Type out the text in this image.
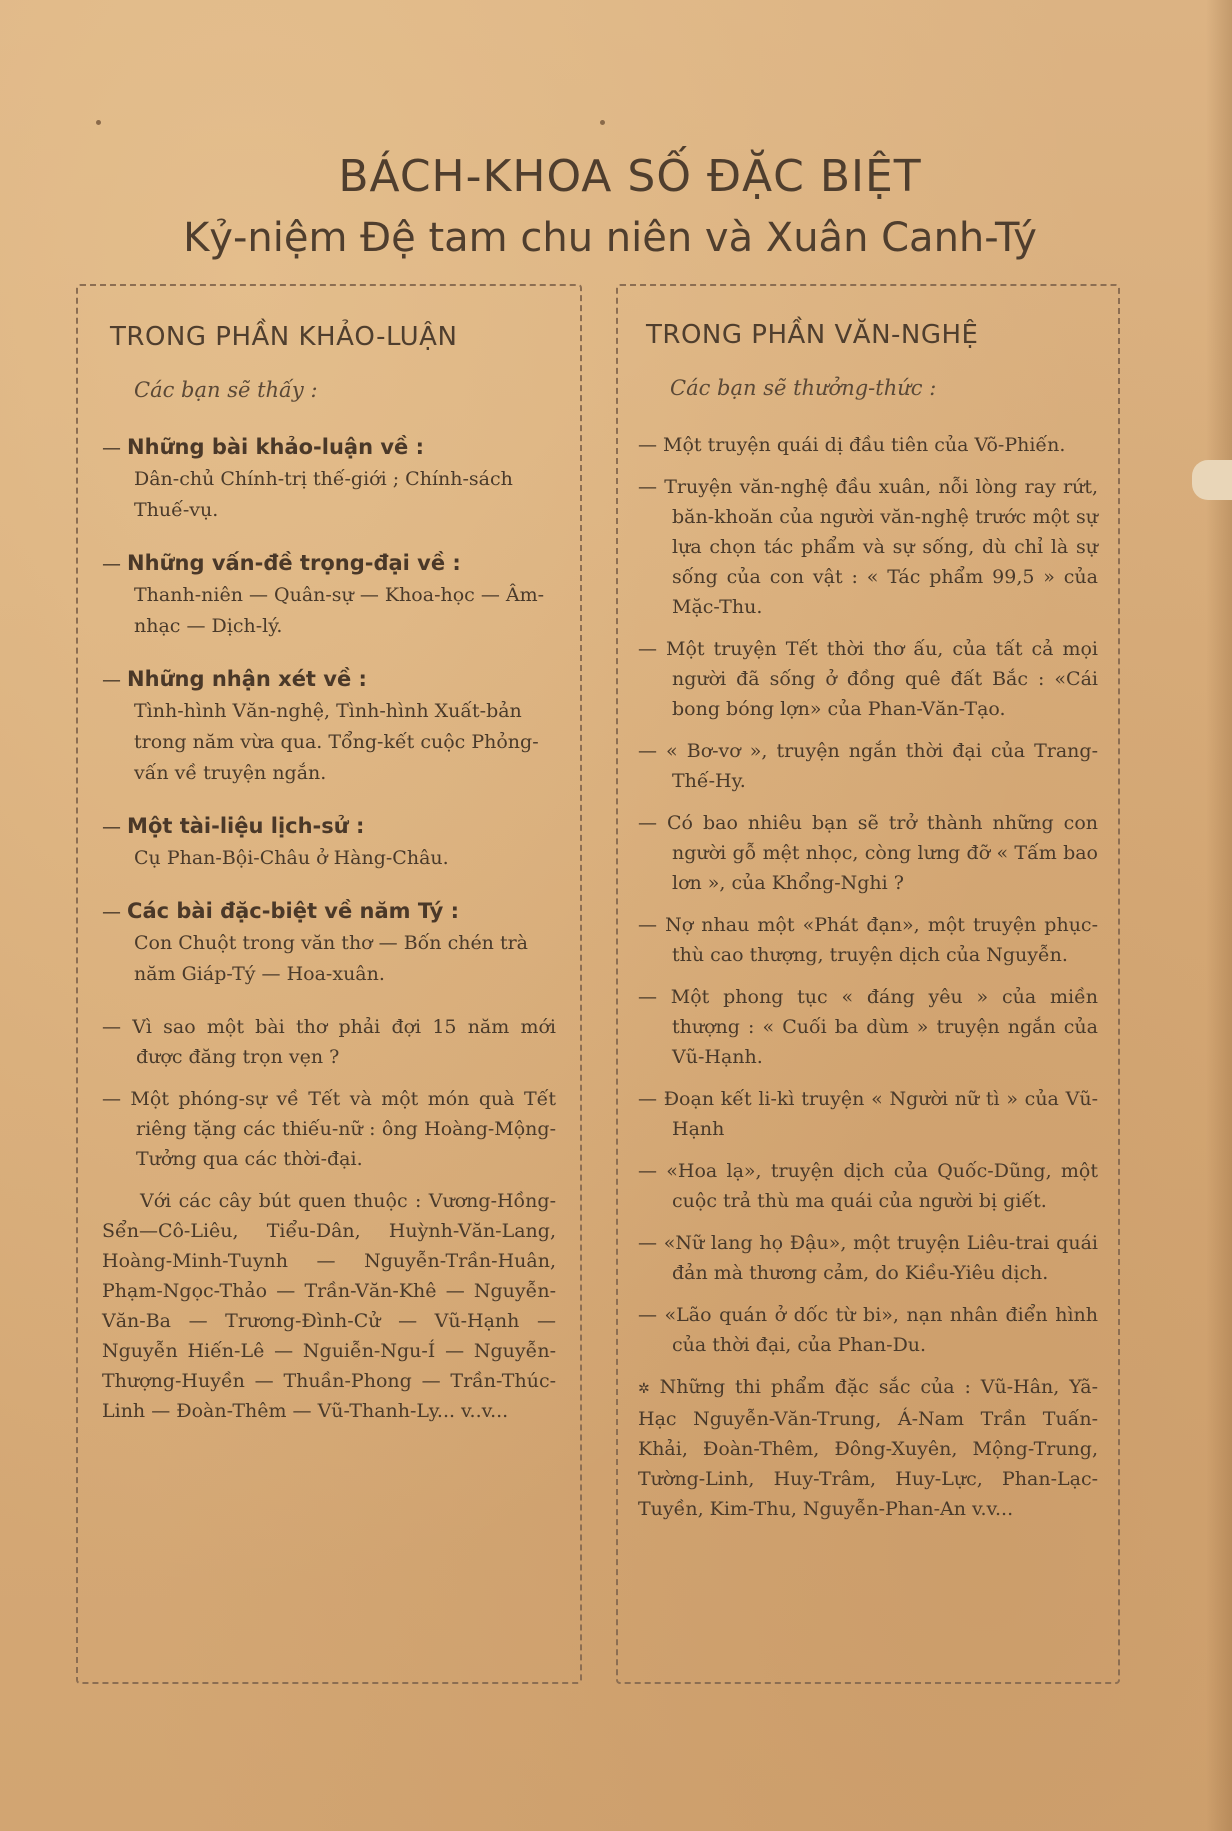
BÁCH-KHOA SỐ ĐẶC BIỆT
Kỷ-niệm Đệ tam chu niên và Xuân Canh-Tý
TRONG PHẦN KHẢO-LUẬN
Các bạn sẽ thấy :
— Những bài khảo-luận về :
Dân-chủ Chính-trị thế-giới ; Chính-sách Thuế-vụ.
— Những vấn-đề trọng-đại về :
Thanh-niên — Quân-sự — Khoa-học — Âm-nhạc — Dịch-lý.
— Những nhận xét về :
Tình-hình Văn-nghệ, Tình-hình Xuất-bản trong năm vừa qua. Tổng-kết cuộc Phỏng-vấn về truyện ngắn.
— Một tài-liệu lịch-sử :
Cụ Phan-Bội-Châu ở Hàng-Châu.
— Các bài đặc-biệt về năm Tý :
Con Chuột trong văn thơ — Bốn chén trà năm Giáp-Tý — Hoa-xuân.
— Vì sao một bài thơ phải đợi 15 năm mới được đăng trọn vẹn ?
— Một phóng-sự về Tết và một món quà Tết riêng tặng các thiếu-nữ : ông Hoàng-Mộng-Tưởng qua các thời-đại.
Với các cây bút quen thuộc : Vương-Hồng-Sển—Cô-Liêu, Tiểu-Dân, Huỳnh-Văn-Lang, Hoàng-Minh-Tuynh — Nguyễn-Trần-Huân, Phạm-Ngọc-Thảo — Trần-Văn-Khê — Nguyễn-Văn-Ba — Trương-Đình-Cử — Vũ-Hạnh — Nguyễn Hiến-Lê — Nguiễn-Ngu-Í — Nguyễn-Thượng-Huyền — Thuần-Phong — Trần-Thúc-Linh — Đoàn-Thêm — Vũ-Thanh-Ly... v..v...
TRONG PHẦN VĂN-NGHỆ
Các bạn sẽ thưởng-thức :
— Một truyện quái dị đầu tiên của Võ-Phiến.
— Truyện văn-nghệ đầu xuân, nỗi lòng ray rứt, băn-khoăn của người văn-nghệ trước một sự lựa chọn tác phẩm và sự sống, dù chỉ là sự sống của con vật : « Tác phẩm 99,5 » của Mặc-Thu.
— Một truyện Tết thời thơ ấu, của tất cả mọi người đã sống ở đồng quê đất Bắc : «Cái bong bóng lợn» của Phan-Văn-Tạo.
— « Bơ-vơ », truyện ngắn thời đại của Trang-Thế-Hy.
— Có bao nhiêu bạn sẽ trở thành những con người gỗ mệt nhọc, còng lưng đỡ « Tấm bao lơn », của Khổng-Nghi ?
— Nợ nhau một «Phát đạn», một truyện phục-thù cao thượng, truyện dịch của Nguyễn.
— Một phong tục « đáng yêu » của miền thượng : « Cuối ba dùm » truyện ngắn của Vũ-Hạnh.
— Đoạn kết li-kì truyện « Người nữ tì » của Vũ-Hạnh
— «Hoa lạ», truyện dịch của Quốc-Dũng, một cuộc trả thù ma quái của người bị giết.
— «Nữ lang họ Đậu», một truyện Liêu-trai quái đản mà thương cảm, do Kiều-Yiêu dịch.
— «Lão quán ở dốc từ bi», nạn nhân điển hình của thời đại, của Phan-Du.
✲ Những thi phẩm đặc sắc của : Vũ-Hân, Yã-Hạc Nguyễn-Văn-Trung, Á-Nam Trần Tuấn-Khải, Đoàn-Thêm, Đông-Xuyên, Mộng-Trung, Tường-Linh, Huy-Trâm, Huy-Lực, Phan-Lạc-Tuyền, Kim-Thu, Nguyễn-Phan-An v.v...
